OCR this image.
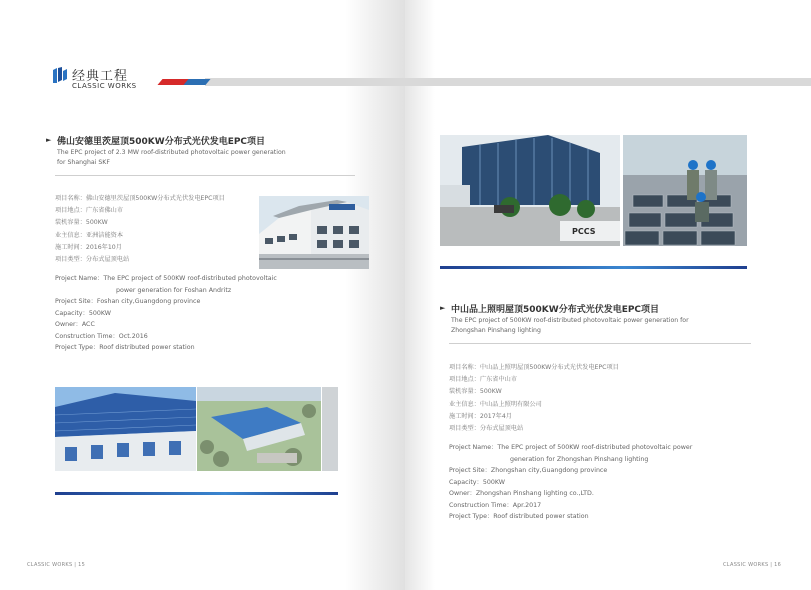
经典工程
CLASSIC WORKS
► 佛山安德里茨屋顶500KW分布式光伏发电EPC项目
The EPC project of 2.3 MW roof-distributed photovoltaic power generation
for Shanghai SKF
项目名称：佛山安德里茨屋顶500KW分布式光伏发电EPC项目
项目地点：广东省佛山市
装机容量：500KW
业主信息：亚洲洁能资本
施工时间：2016年10月
项目类型：分布式屋顶电站
Project Name：The EPC project of 500KW roof-distributed photovoltaic
power generation for Foshan Andritz
Project Site：Foshan city,Guangdong province
Capacity：500KW
Owner：ACC
Construction Time：Oct.2016
Project Type：Roof distributed power station
CLASSIC WORKS | 15
PCCS
► 中山品上照明屋顶500KW分布式光伏发电EPC项目
The EPC project of 500KW roof-distributed photovoltaic power generation for
Zhongshan Pinshang lighting
项目名称：中山品上照明屋顶500KW分布式光伏发电EPC项目
项目地点：广东省中山市
装机容量：500KW
业主信息：中山品上照明有限公司
施工时间：2017年4月
项目类型：分布式屋顶电站
Project Name：The EPC project of 500KW roof-distributed photovoltaic power
generation for Zhongshan Pinshang lighting
Project Site：Zhongshan city,Guangdong province
Capacity：500KW
Owner：Zhongshan Pinshang lighting co.,LTD.
Construction Time：Apr.2017
Project Type：Roof distributed power station
CLASSIC WORKS | 16
